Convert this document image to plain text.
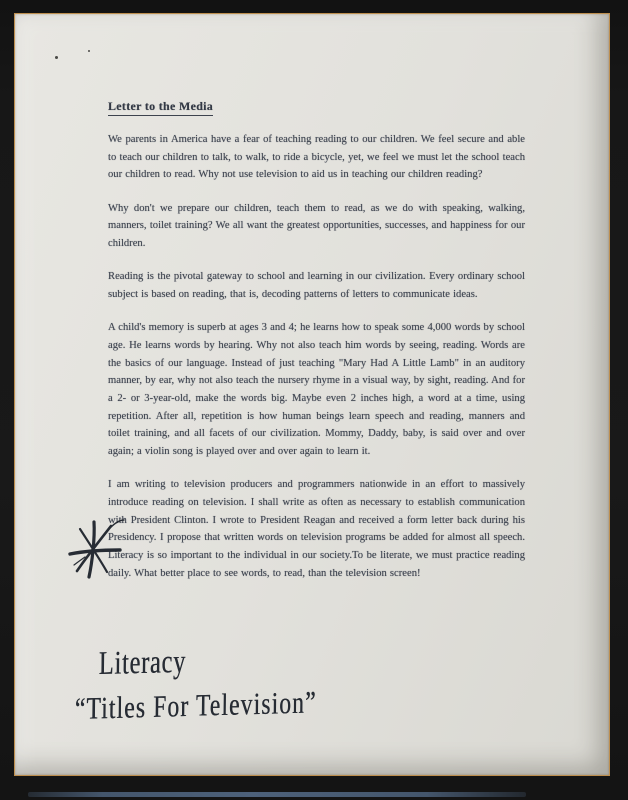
Letter to the Media

We parents in America have a fear of teaching reading to our children. We feel secure and able to teach our children to talk, to walk, to ride a bicycle, yet, we feel we must let the school teach our children to read. Why not use television to aid us in teaching our children reading?

Why don't we prepare our children, teach them to read, as we do with speaking, walking, manners, toilet training? We all want the greatest opportunities, successes, and happiness for our children.

Reading is the pivotal gateway to school and learning in our civilization. Every ordinary school subject is based on reading, that is, decoding patterns of letters to communicate ideas.

A child's memory is superb at ages 3 and 4; he learns how to speak some 4,000 words by school age. He learns words by hearing. Why not also teach him words by seeing, reading. Words are the basics of our language. Instead of just teaching "Mary Had A Little Lamb" in an auditory manner, by ear, why not also teach the nursery rhyme in a visual way, by sight, reading. And for a 2- or 3-year-old, make the words big. Maybe even 2 inches high, a word at a time, using repetition. After all, repetition is how human beings learn speech and reading, manners and toilet training, and all facets of our civilization. Mommy, Daddy, baby, is said over and over again; a violin song is played over and over again to learn it.

I am writing to television producers and programmers nationwide in an effort to massively introduce reading on television. I shall write as often as necessary to establish communication with President Clinton. I wrote to President Reagan and received a form letter back during his Presidency. I propose that written words on television programs be added for almost all speech. Literacy is so important to the individual in our society.To be literate, we must practice reading daily. What better place to see words, to read, than the television screen!

Literacy
“Titles For Television”
